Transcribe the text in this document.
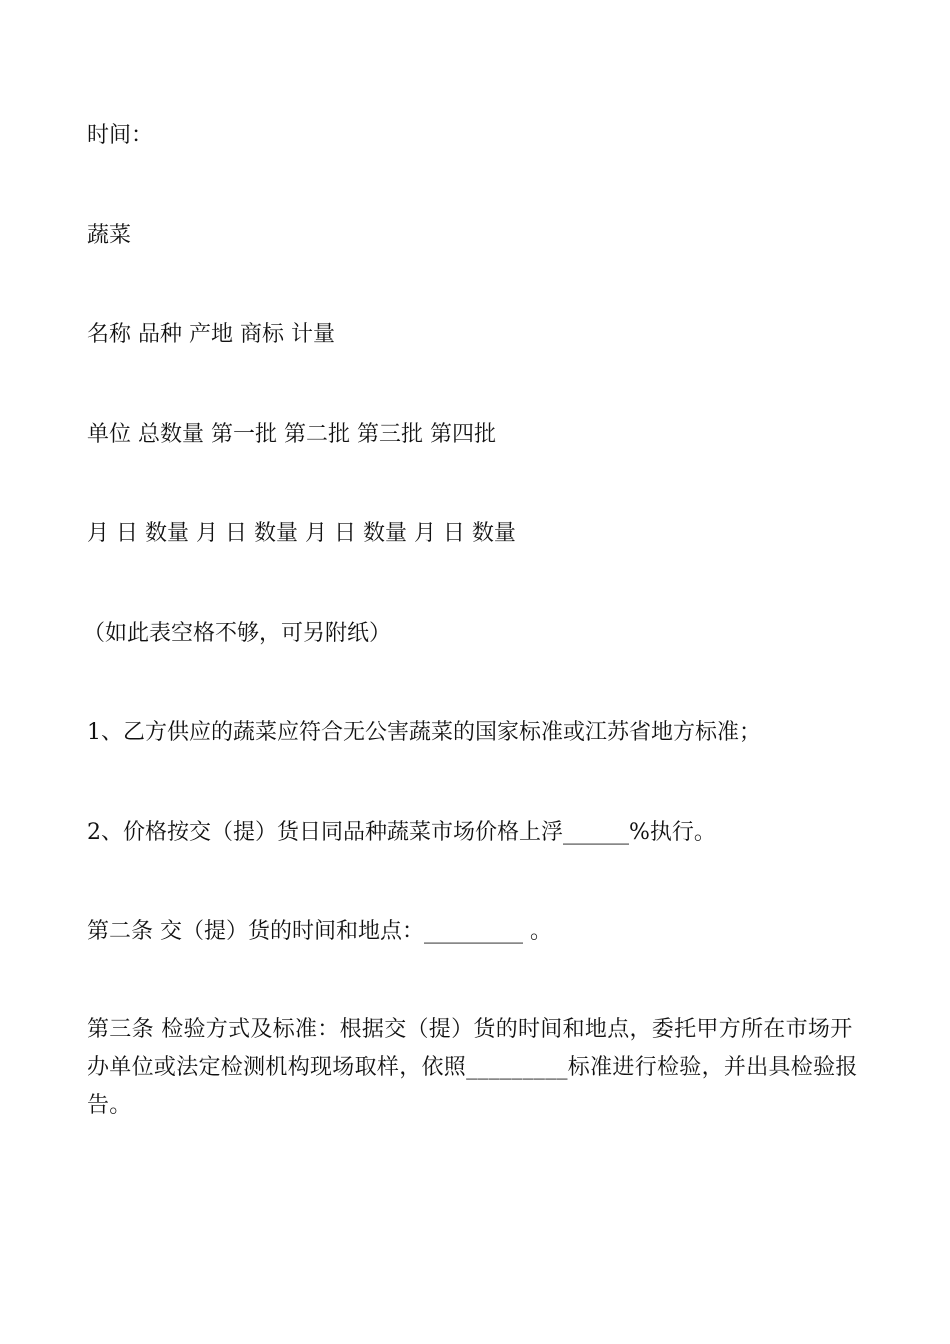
时间：

蔬菜

名称 品种 产地 商标 计量

单位 总数量 第一批 第二批 第三批 第四批

月 日 数量 月 日 数量 月 日 数量 月 日 数量

（如此表空格不够，可另附纸）

1、乙方供应的蔬菜应符合无公害蔬菜的国家标准或江苏省地方标准；

2、价格按交（提）货日同品种蔬菜市场价格上浮______%执行。

第二条 交（提）货的时间和地点：_________ 。

第三条 检验方式及标准：根据交（提）货的时间和地点，委托甲方所在市场开办单位或法定检测机构现场取样，依照_________标准进行检验，并出具检验报告。
